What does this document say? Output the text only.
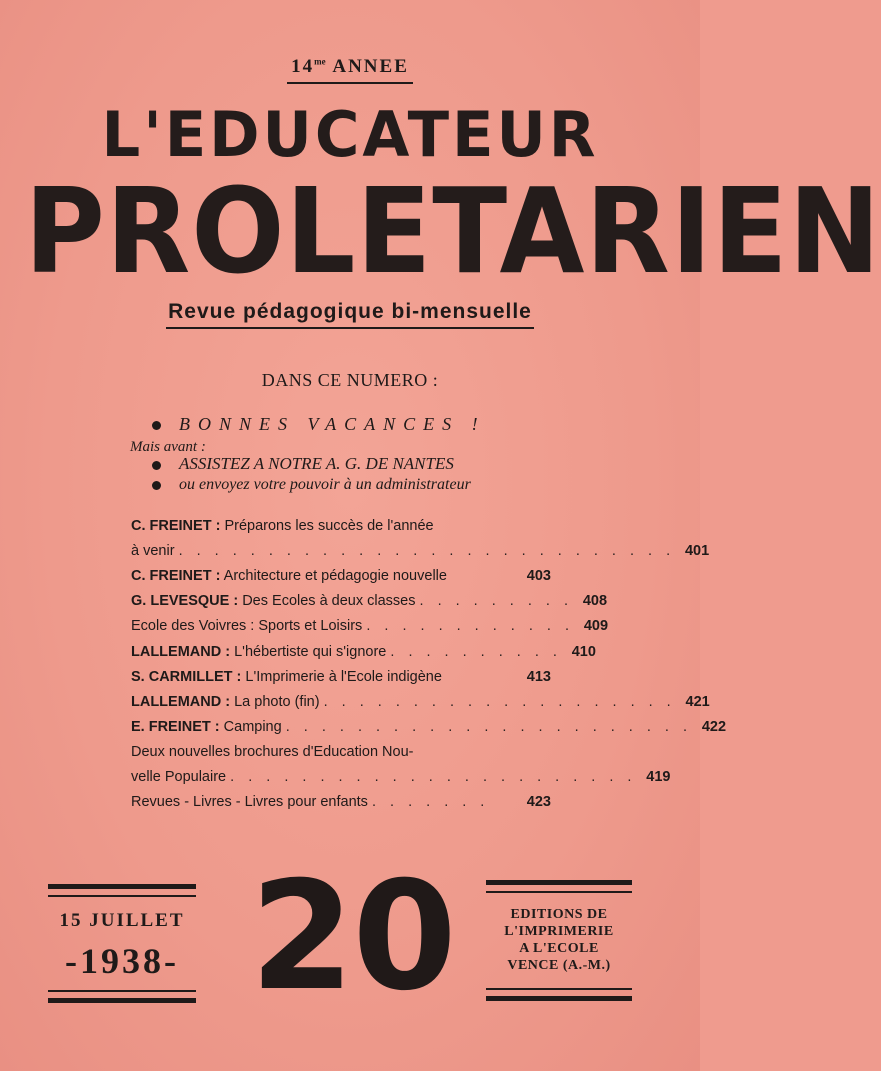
$14^{me}$ ANNEE
L'EDUCATEUR
PROLETARIEN
Revue pédagogique bi-mensuelle
DANS CE NUMERO :
BONNES VACANCES !
Mais avant :
ASSISTEZ A NOTRE A. G. DE NANTES
ou envoyez votre pouvoir à un administrateur
C. FREINET : Préparons les succès de l'année
à venir . . . . . . . . . . . . . . . . . . . . . . . . . . . . 401
C. FREINET : Architecture et pédagogie nouvelle	403
G. LEVESQUE : Des Ecoles à deux classes . . . . . . . . . 408
Ecole des Voivres : Sports et Loisirs . . . . . . . . . . . . 409
LALLEMAND : L'hébertiste qui s'ignore . . . . . . . . . . 410
S. CARMILLET : L'Imprimerie à l'Ecole indigène	413
LALLEMAND : La photo (fin) . . . . . . . . . . . . . . . . . . . . 421
E. FREINET : Camping . . . . . . . . . . . . . . . . . . . . . . . 422
Deux nouvelles brochures d'Education Nou-
velle Populaire . . . . . . . . . . . . . . . . . . . . . . . 419
Revues - Livres - Livres pour enfants . . . . . . .	423
15 JUILLET
-1938- 20	EDITIONS DE
L'IMPRIMERIE
A L'ECOLE
VENCE (A.-M.)
